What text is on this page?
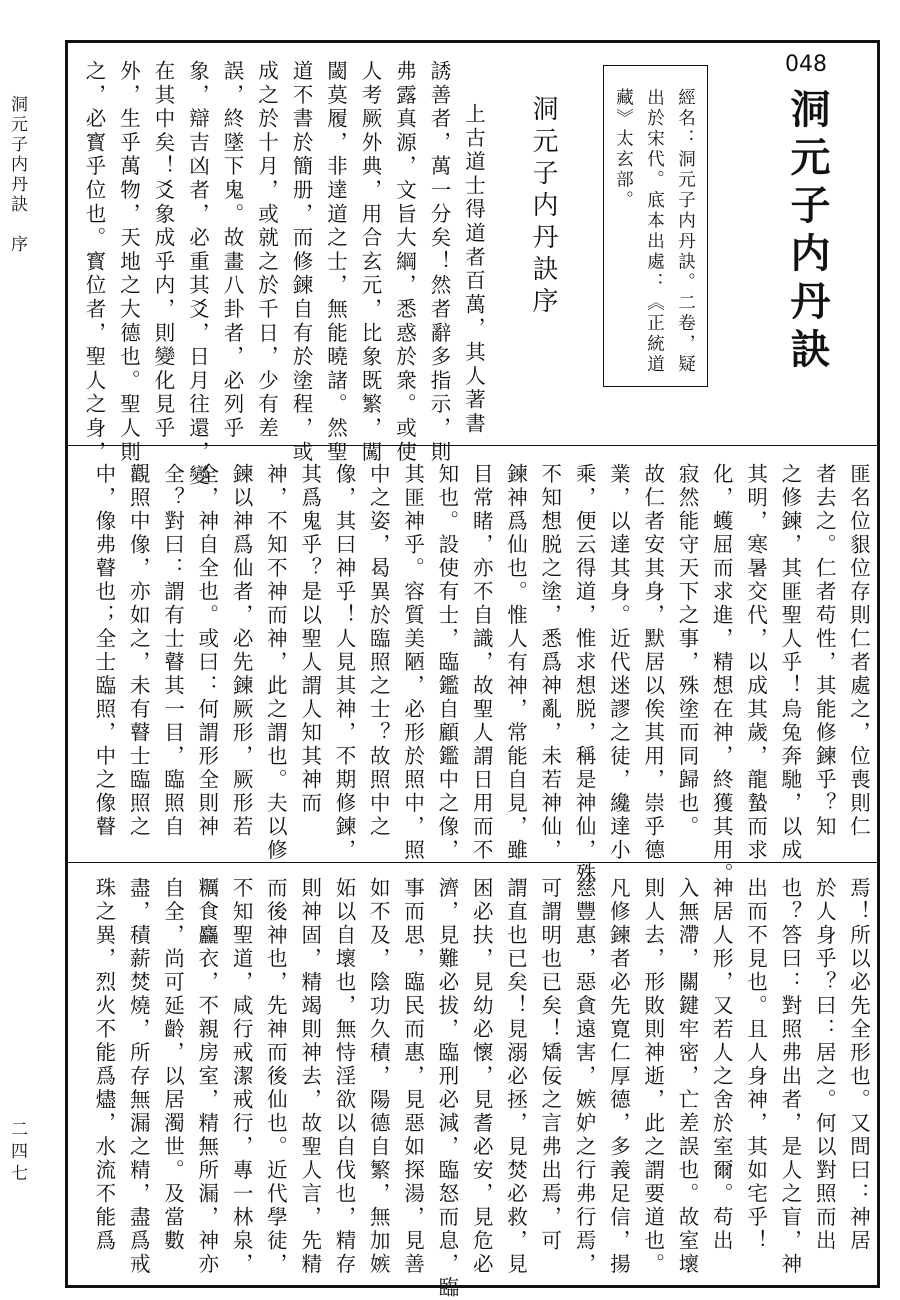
洞元子内丹訣　序
二四七
048
洞元子内丹訣
經名：洞元子内丹訣。二卷，疑
出於宋代。底本出處：《正統道
藏》太玄部。
洞元子内丹訣序
上古道士得道者百萬，其人著書
誘善者，萬一分矣！然者辭多指示，則
弗露真源，文旨大綱，悉惑於衆。或使
人考厥外典，用合玄元，比象既繁，闖
閾莫履，非達道之士，無能曉諸。然聖
道不書於簡册，而修鍊自有於塗程，或
成之於十月，或就之於千日，少有差
誤，終墜下鬼。故畫八卦者，必列乎
象，辯吉凶者，必重其爻，日月往還，變
在其中矣！爻象成乎内，則變化見乎
外，生乎萬物，天地之大德也。聖人則
之，必寳乎位也。寳位者，聖人之身，
匪名位貇位存則仁者處之，位喪則仁
者去之。仁者苟性，其能修鍊乎？知
之修鍊，其匪聖人乎！烏兔奔馳，以成
其明，寒暑交代，以成其歲，龍蟄而求
化，蠖屈而求進，精想在神，終獲其用。
寂然能守天下之事，殊塗而同歸也。
故仁者安其身，默居以俟其用，崇乎德
業，以達其身。近代迷謬之徒，纔達小
乘，便云得道，惟求想脱，稱是神仙，殊
不知想脱之塗，悉爲神亂，未若神仙，
鍊神爲仙也。惟人有神，常能自見，雖
目常睹，亦不自識，故聖人謂日用而不
知也。設使有士，臨鑑自顧鑑中之像，
其匪神乎。容質美陋，必形於照中，照
中之姿，曷異於臨照之士？故照中之
像，其曰神乎！人見其神，不期修鍊，
其爲鬼乎？是以聖人謂人知其神而
神，不知不神而神，此之謂也。夫以修
鍊以神爲仙者，必先鍊厥形，厥形若
全，神自全也。或曰：何謂形全則神
全？對曰：謂有士瞽其一目，臨照自
觀照中像，亦如之，未有瞽士臨照之
中，像弗瞽也；全士臨照，中之像瞽
焉！所以必先全形也。又問曰：神居
於人身乎？曰：居之。何以對照而出
也？答曰：對照弗出者，是人之盲，神
出而不見也。且人身神，其如宅乎！
神居人形，又若人之舍於室爾。苟出
入無滯，關鍵牢密，亡差誤也。故室壞
則人去，形敗則神逝，此之謂要道也。
凡修鍊者必先寛仁厚德，多義足信，揚
慈豐惠，惡貪遠害，嫉妒之行弗行焉，
可謂明也已矣！矯佞之言弗出焉，可
謂直也已矣！見溺必拯，見焚必救，見
困必扶，見幼必懷，見耆必安，見危必
濟，見難必拔，臨刑必減，臨怒而息，臨
事而思，臨民而惠，見惡如探湯，見善
如不及，陰功久積，陽德自繁，無加嫉
妬以自壞也，無恃淫欲以自伐也，精存
則神固，精竭則神去，故聖人言，先精
而後神也，先神而後仙也。近代學徒，
不知聖道，咸行戒潔戒行，專一林泉，
糲食麤衣，不親房室，精無所漏，神亦
自全，尚可延齡，以居濁世。及當數
盡，積薪焚燒，所存無漏之精，盡爲戒
珠之異，烈火不能爲燼，水流不能爲
